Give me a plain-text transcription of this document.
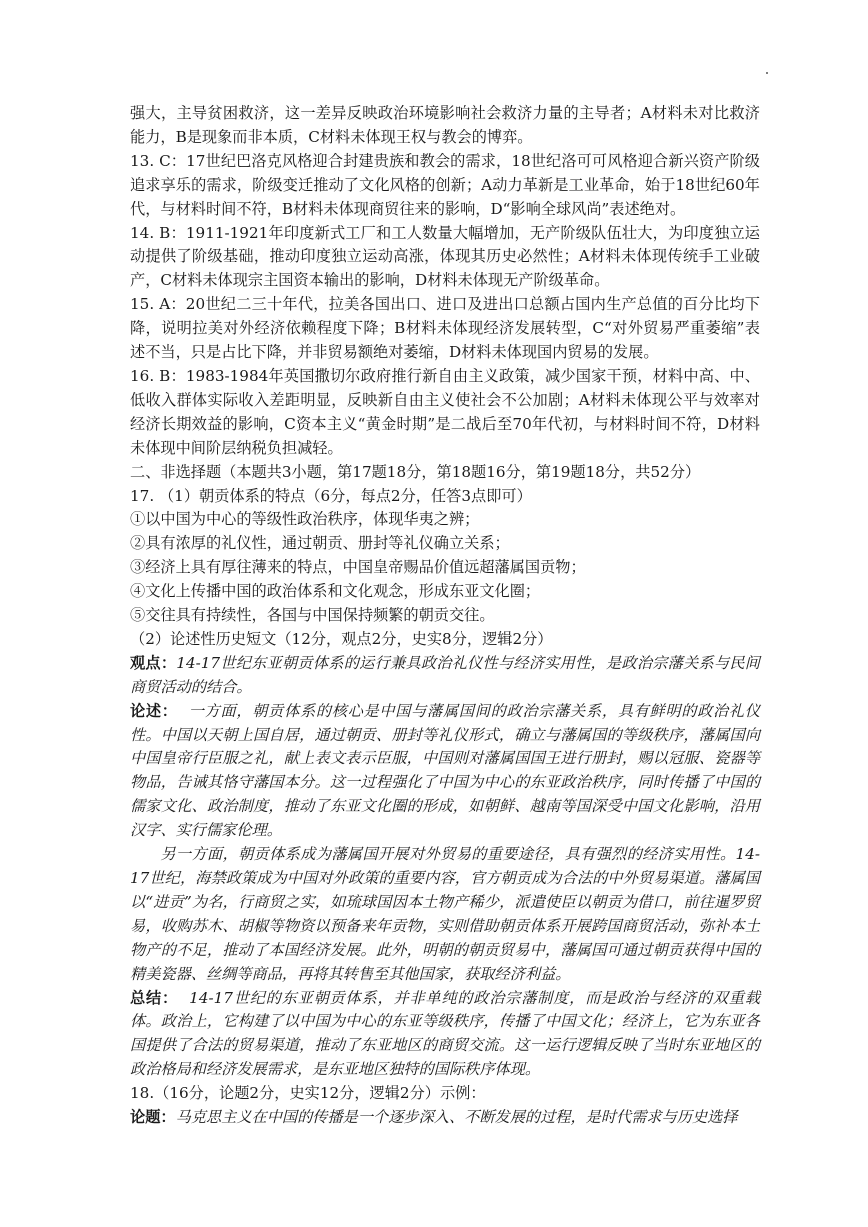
强大，主导贫困救济，这一差异反映政治环境影响社会救济力量的主导者；A材料未对比救济能力，B是现象而非本质，C材料未体现王权与教会的博弈。

13. C：17世纪巴洛克风格迎合封建贵族和教会的需求，18世纪洛可可风格迎合新兴资产阶级追求享乐的需求，阶级变迁推动了文化风格的创新；A动力革新是工业革命，始于18世纪60年代，与材料时间不符，B材料未体现商贸往来的影响，D“影响全球风尚”表述绝对。

14. B：1911-1921年印度新式工厂和工人数量大幅增加，无产阶级队伍壮大，为印度独立运动提供了阶级基础，推动印度独立运动高涨，体现其历史必然性；A材料未体现传统手工业破产，C材料未体现宗主国资本输出的影响，D材料未体现无产阶级革命。

15. A：20世纪二三十年代，拉美各国出口、进口及进出口总额占国内生产总值的百分比均下降，说明拉美对外经济依赖程度下降；B材料未体现经济发展转型，C“对外贸易严重萎缩”表述不当，只是占比下降，并非贸易额绝对萎缩，D材料未体现国内贸易的发展。

16. B：1983-1984年英国撒切尔政府推行新自由主义政策，减少国家干预，材料中高、中、低收入群体实际收入差距明显，反映新自由主义使社会不公加剧；A材料未体现公平与效率对经济长期效益的影响，C资本主义“黄金时期”是二战后至70年代初，与材料时间不符，D材料未体现中间阶层纳税负担减轻。

二、非选择题（本题共3小题，第17题18分，第18题16分，第19题18分，共52分）

17. （1）朝贡体系的特点（6分，每点2分，任答3点即可）

①以中国为中心的等级性政治秩序，体现华夷之辨；

②具有浓厚的礼仪性，通过朝贡、册封等礼仪确立关系；

③经济上具有厚往薄来的特点，中国皇帝赐品价值远超藩属国贡物；

④文化上传播中国的政治体系和文化观念，形成东亚文化圈；

⑤交往具有持续性，各国与中国保持频繁的朝贡交往。

（2）论述性历史短文（12分，观点2分，史实8分，逻辑2分）

观点：14-17世纪东亚朝贡体系的运行兼具政治礼仪性与经济实用性，是政治宗藩关系与民间商贸活动的结合。

论述： 一方面，朝贡体系的核心是中国与藩属国间的政治宗藩关系，具有鲜明的政治礼仪性。中国以天朝上国自居，通过朝贡、册封等礼仪形式，确立与藩属国的等级秩序，藩属国向中国皇帝行臣服之礼，献上表文表示臣服，中国则对藩属国国王进行册封，赐以冠服、瓷器等物品，告诫其恪守藩国本分。这一过程强化了中国为中心的东亚政治秩序，同时传播了中国的儒家文化、政治制度，推动了东亚文化圈的形成，如朝鲜、越南等国深受中国文化影响，沿用汉字、实行儒家伦理。

另一方面，朝贡体系成为藩属国开展对外贸易的重要途径，具有强烈的经济实用性。14-17世纪，海禁政策成为中国对外政策的重要内容，官方朝贡成为合法的中外贸易渠道。藩属国以“进贡”为名，行商贸之实，如琉球国因本土物产稀少，派遣使臣以朝贡为借口，前往暹罗贸易，收购苏木、胡椒等物资以预备来年贡物，实则借助朝贡体系开展跨国商贸活动，弥补本土物产的不足，推动了本国经济发展。此外，明朝的朝贡贸易中，藩属国可通过朝贡获得中国的精美瓷器、丝绸等商品，再将其转售至其他国家，获取经济利益。

总结： 14-17世纪的东亚朝贡体系，并非单纯的政治宗藩制度，而是政治与经济的双重载体。政治上，它构建了以中国为中心的东亚等级秩序，传播了中国文化；经济上，它为东亚各国提供了合法的贸易渠道，推动了东亚地区的商贸交流。这一运行逻辑反映了当时东亚地区的政治格局和经济发展需求，是东亚地区独特的国际秩序体现。

18.（16分，论题2分，史实12分，逻辑2分）示例：

论题：马克思主义在中国的传播是一个逐步深入、不断发展的过程，是时代需求与历史选择
